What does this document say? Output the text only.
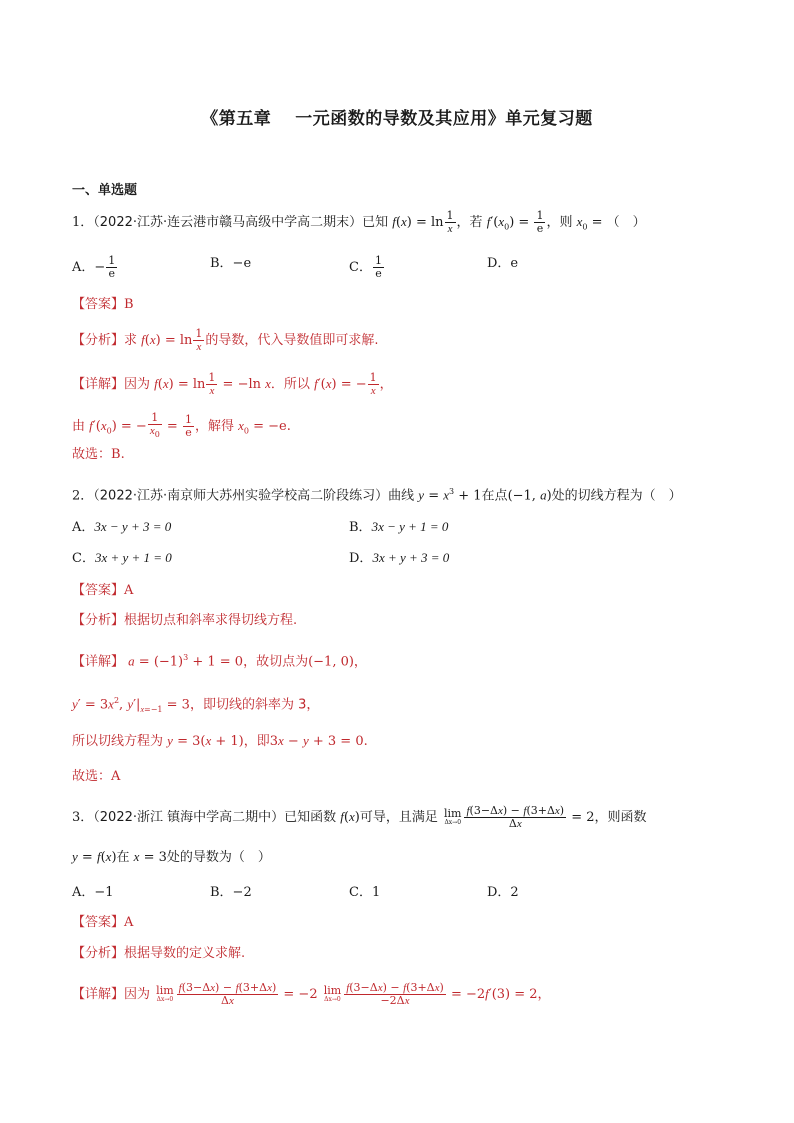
《第五章　 一元函数的导数及其应用》单元复习题
一、单选题
1．（2022·江苏·连云港市赣马高级中学高二期末）已知 $f(x) = \ln \frac{1}{x}$ ，若 $f'(x_0) = \frac{1}{e}$ ，则 $x_0$ = （　）
A．− $\frac{1}{e}$	B．−e	C． $\frac{1}{e}$	D．e
【答案】B
【分析】求 $f(x) = \ln \frac{1}{x}$ 的导数，代入导数值即可求解.
【详解】因为 $f(x) = \ln \frac{1}{x} = -\ln$ x．所以 f′(x) = − $\frac{1}{x}$ ，
由 $f'(x_0)$ = − $\frac{1}{x_0} = \frac{1}{e}$ ，解得 $x_0 = -e$.
故选：B.
2．（2022·江苏·南京师大苏州实验学校高二阶段练习）曲线 $y = x^3 + 1$在点(−1, a)处的切线方程为（　）
A．3x − y + 3 = 0	B．3x − y + 1 = 0
C．3x + y + 1 = 0	D．3x + y + 3 = 0
【答案】A
【分析】根据切点和斜率求得切线方程.
【详解】 $a = (-1)^3 + 1 = 0$，故切点为(−1, 0)，
$y' = 3x^2$, $y'|_{x=-1} = 3$，即切线的斜率为 3，
所以切线方程为 y = 3(x + 1)，即3x − y + 3 = 0.
故选：A
3．（2022·浙江 镇海中学高二期中）已知函数 f(x)可导，且满足 lim
$\Delta x\to 0 \frac{f(3-\Delta x) - f(3+\Delta x)}{\Delta x} = 2$，则函数
y = f(x)在 x = 3处的导数为（　）
A．−1	B．−2	C．1	D．2
【答案】A
【分析】根据导数的定义求解.
【详解】因为 lim
$\Delta x\to 0 \frac{f(3-\Delta x) - f(3+\Delta x)}{\Delta x} = -2$ lim
$\Delta x\to 0 \frac{f(3-\Delta x) - f(3+\Delta x)}{-2\Delta x} = -2f'(3) = 2$，
